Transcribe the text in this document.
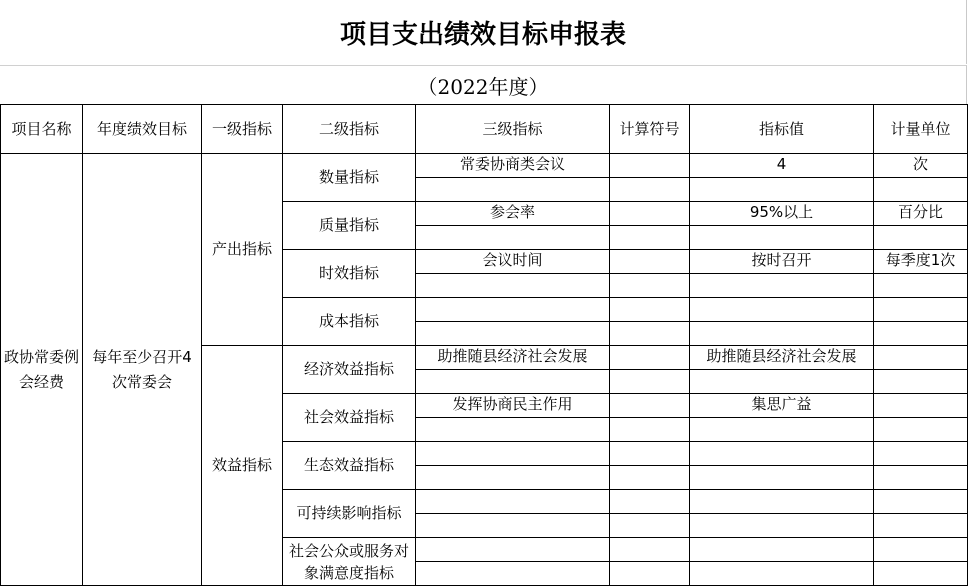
项目支出绩效目标申报表
（2022年度）
项目名称	年度绩效目标	一级指标	二级指标	三级指标	计算符号	指标值	计量单位
政协常委例会经费	每年至少召开4次常委会	产出指标	数量指标	常委协商类会议		4	次

			质量指标	参会率		95%以上	百分比

			时效指标	会议时间		按时召开	每季度1次

			成本指标				

		效益指标	经济效益指标	助推随县经济社会发展		助推随县经济社会发展	

			社会效益指标	发挥协商民主作用		集思广益	

			生态效益指标				

			可持续影响指标				

			社会公众或服务对象满意度指标				
